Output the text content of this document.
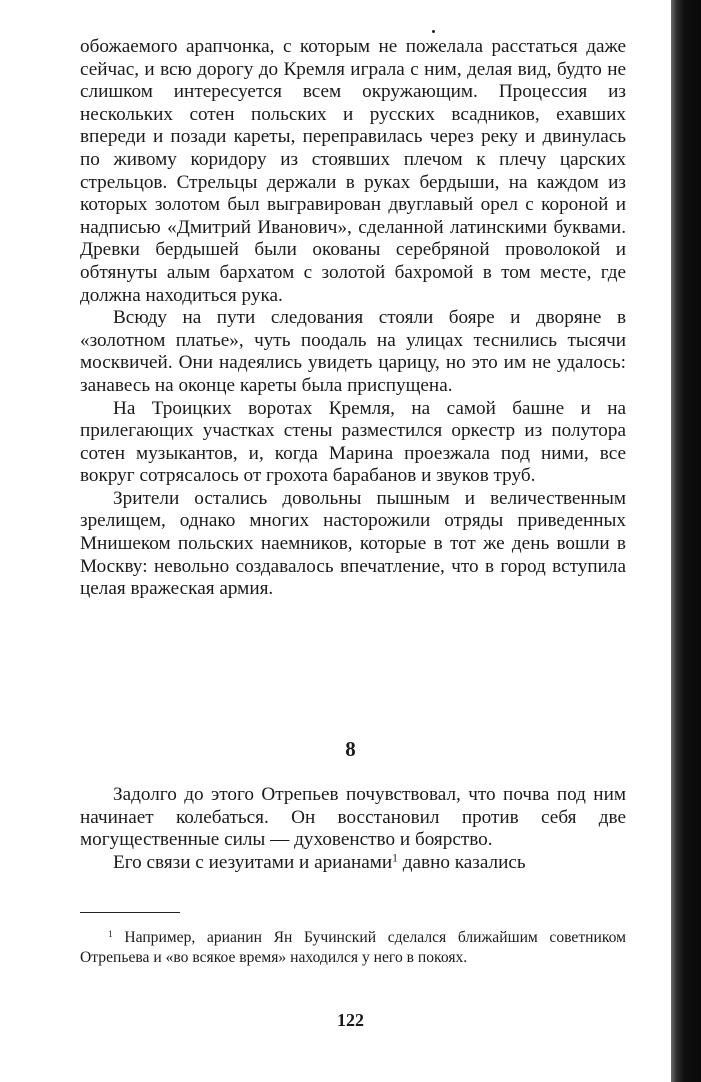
обожаемого арапчонка, с которым не пожелала расстаться даже сейчас, и всю дорогу до Кремля играла с ним, делая вид, будто не слишком интересуется всем окружающим. Процессия из нескольких сотен польских и русских всадников, ехавших впереди и позади кареты, переправилась через реку и двинулась по живому коридору из стоявших плечом к плечу царских стрельцов. Стрельцы держали в руках бердыши, на каждом из которых золотом был выгравирован двуглавый орел с короной и надписью «Дмитрий Иванович», сделанной латинскими буквами. Древки бердышей были окованы серебряной проволокой и обтянуты алым бархатом с золотой бахромой в том месте, где должна находиться рука.

Всюду на пути следования стояли бояре и дворяне в «золотном платье», чуть поодаль на улицах теснились тысячи москвичей. Они надеялись увидеть царицу, но это им не удалось: занавесь на оконце кареты была приспущена.

На Троицких воротах Кремля, на самой башне и на прилегающих участках стены разместился оркестр из полутора сотен музыкантов, и, когда Марина проезжала под ними, все вокруг сотрясалось от грохота барабанов и звуков труб.

Зрители остались довольны пышным и величественным зрелищем, однако многих насторожили отряды приведенных Мнишеком польских наемников, которые в тот же день вошли в Москву: невольно создавалось впечатление, что в город вступила целая вражеская армия.

8

Задолго до этого Отрепьев почувствовал, что почва под ним начинает колебаться. Он восстановил против себя две могущественные силы — духовенство и боярство.

Его связи с иезуитами и арианами$^1$ давно казались

$^1$ Например, арианин Ян Бучинский сделался ближайшим советником Отрепьева и «во всякое время» находился у него в покоях.

122
